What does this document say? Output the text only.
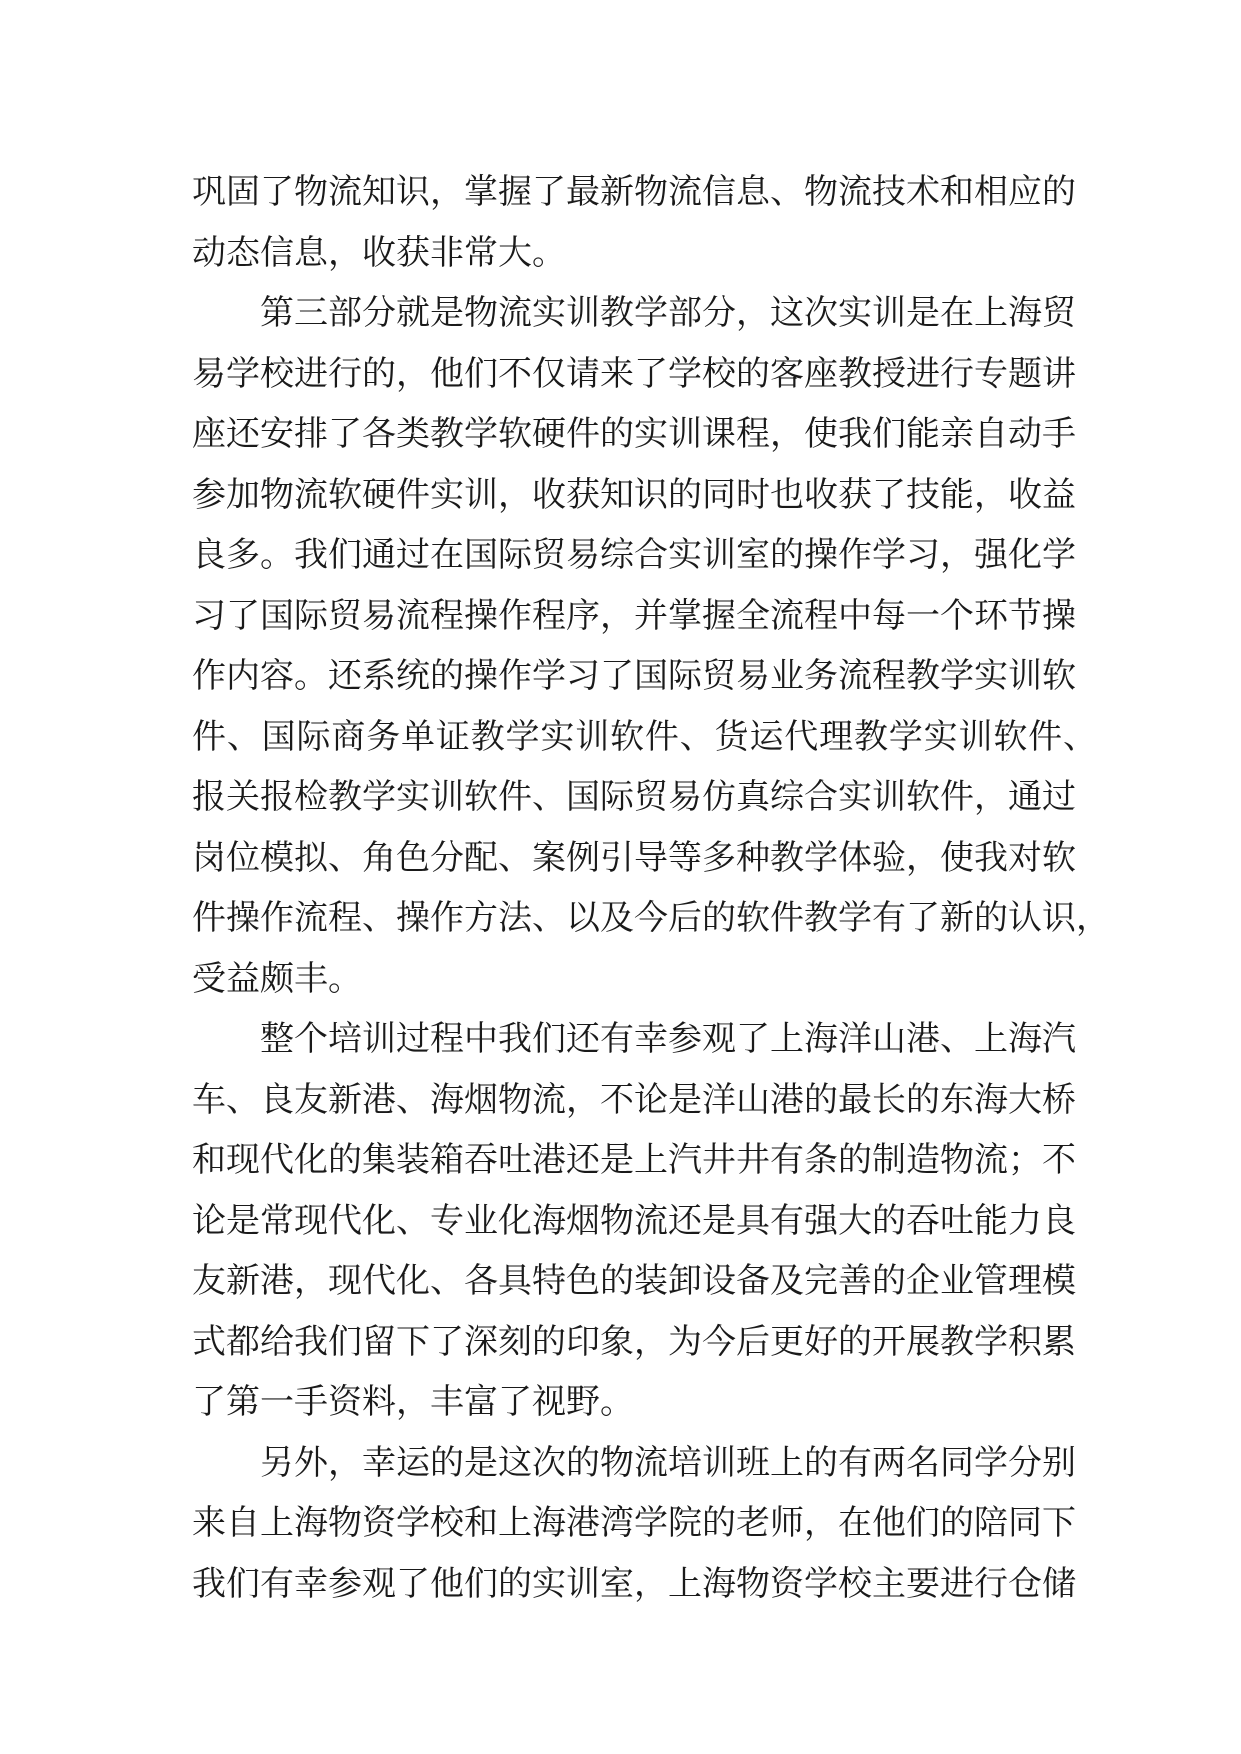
巩固了物流知识，掌握了最新物流信息、物流技术和相应的
动态信息，收获非常大。
第三部分就是物流实训教学部分，这次实训是在上海贸
易学校进行的，他们不仅请来了学校的客座教授进行专题讲
座还安排了各类教学软硬件的实训课程，使我们能亲自动手
参加物流软硬件实训，收获知识的同时也收获了技能，收益
良多。我们通过在国际贸易综合实训室的操作学习，强化学
习了国际贸易流程操作程序，并掌握全流程中每一个环节操
作内容。还系统的操作学习了国际贸易业务流程教学实训软
件、国际商务单证教学实训软件、货运代理教学实训软件、
报关报检教学实训软件、国际贸易仿真综合实训软件，通过
岗位模拟、角色分配、案例引导等多种教学体验，使我对软
件操作流程、操作方法、以及今后的软件教学有了新的认识，
受益颇丰。
整个培训过程中我们还有幸参观了上海洋山港、上海汽
车、良友新港、海烟物流，不论是洋山港的最长的东海大桥
和现代化的集装箱吞吐港还是上汽井井有条的制造物流；不
论是常现代化、专业化海烟物流还是具有强大的吞吐能力良
友新港，现代化、各具特色的装卸设备及完善的企业管理模
式都给我们留下了深刻的印象，为今后更好的开展教学积累
了第一手资料，丰富了视野。
另外，幸运的是这次的物流培训班上的有两名同学分别
来自上海物资学校和上海港湾学院的老师，在他们的陪同下
我们有幸参观了他们的实训室，上海物资学校主要进行仓储
